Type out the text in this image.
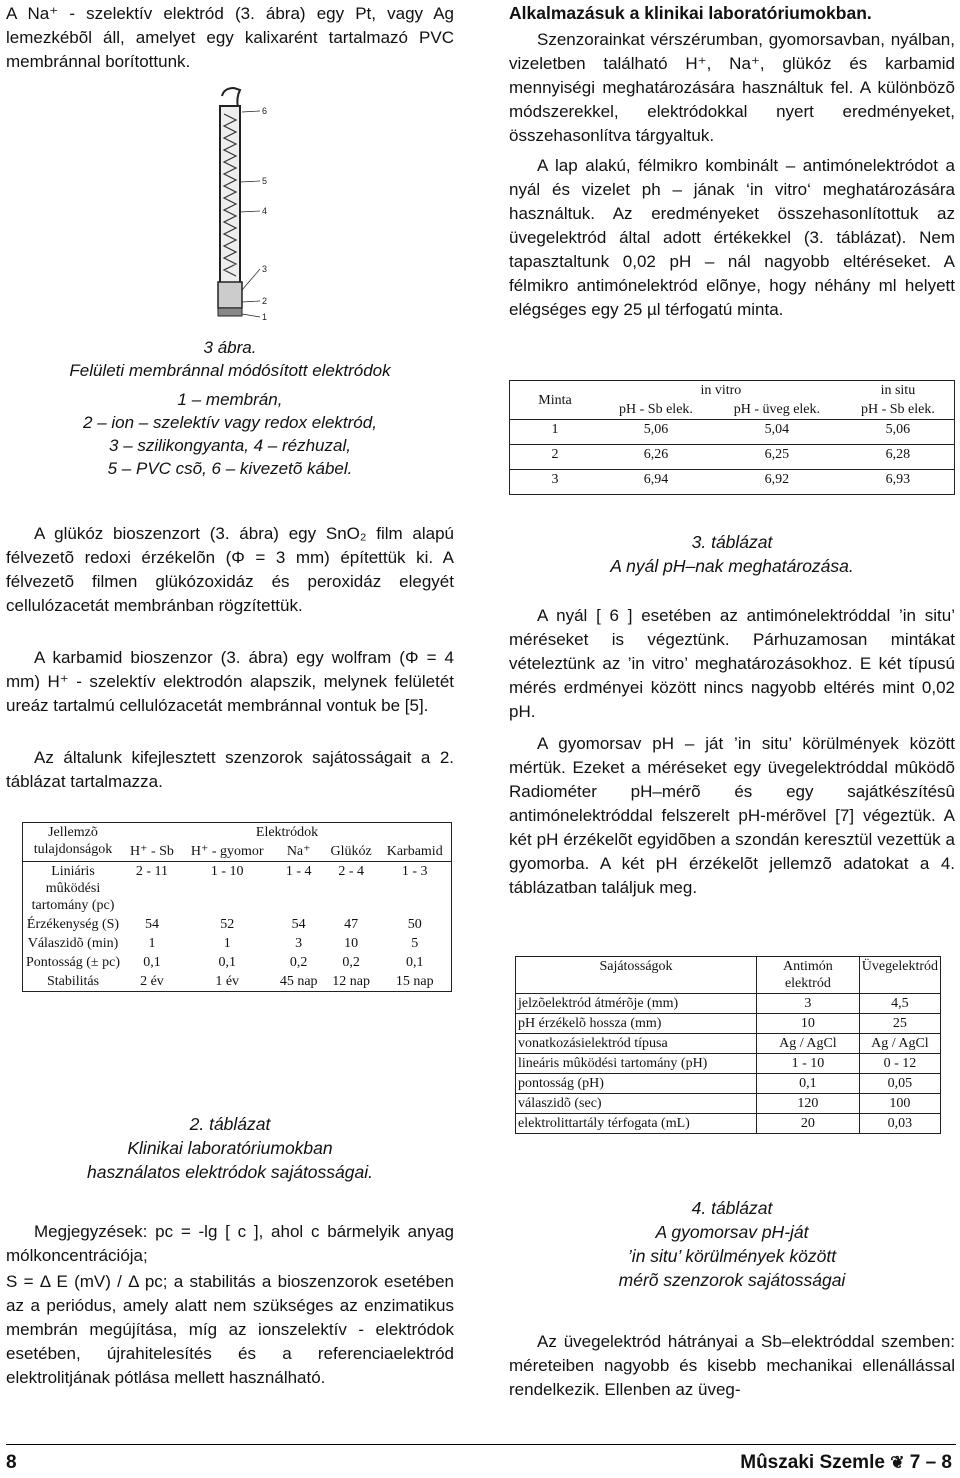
A Na⁺ - szelektív elektród (3. ábra) egy Pt, vagy Ag lemezkébõl áll, amelyet egy kalixarént tartalmazó PVC membránnal borítottunk.

6
5
4
3
2
1
3 ábra.
Felületi membránnal módósított elektródok
1 – membrán,
2 – ion – szelektív vagy redox elektród,
3 – szilikongyanta, 4 – rézhuzal,
5 – PVC csõ, 6 – kivezetõ kábel.

A glükóz bioszenzort (3. ábra) egy SnO₂ film alapú félvezetõ redoxi érzékelõn (Φ = 3 mm) építettük ki. A félvezetõ filmen glükózoxidáz és peroxidáz elegyét cellulózacetát membránban rögzítettük.

A karbamid bioszenzor (3. ábra) egy wolfram (Φ = 4 mm) H⁺ - szelektív elektrodón alapszik, melynek felületét ureáz tartalmú cellulózacetát membránnal vontuk be [5].

Az általunk kifejlesztett szenzorok sajátosságait a 2. táblázat tartalmazza.

Jellemzõ tulajdonságok	Elektródok				
	H⁺ - Sb	H⁺ - gyomor	Na⁺	Glükóz	Karbamid
Liniáris mûködési tartomány (pc)	2 - 11	1 - 10	1 - 4	2 - 4	1 - 3
Érzékenység (S)	54	52	54	47	50
Válaszidõ (min)	1	1	3	10	5
Pontosság (± pc)	0,1	0,1	0,2	0,2	0,1
Stabilitás	2 év	1 év	45 nap	12 nap	15 nap
2. táblázat
Klinikai laboratóriumokban
használatos elektródok sajátosságai.

Megjegyzések: pc = -lg [ c ], ahol c bármelyik anyag mólkoncentrációja;

S = Δ E (mV) / Δ pc; a stabilitás a bioszenzorok esetében az a periódus, amely alatt nem szükséges az enzimatikus membrán megújítása, míg az ionszelektív - elektródok esetében, újrahitelesítés és a referenciaelektród elektrolitjának pótlása mellett használható.

Alkalmazásuk a klinikai laboratóriumokban.

Szenzorainkat vérszérumban, gyomorsavban, nyálban, vizeletben található H⁺, Na⁺, glükóz és karbamid mennyiségi meghatározására használtuk fel. A különbözõ módszerekkel, elektródokkal nyert eredményeket, összehasonlítva tárgyaltuk.

A lap alakú, félmikro kombinált – antimónelektródot a nyál és vizelet ph – jának ‘in vitro‘ meghatározására használtuk. Az eredményeket összehasonlítottuk az üvegelektród által adott értékekkel (3. táblázat). Nem tapasztaltunk 0,02 pH – nál nagyobb eltéréseket. A félmikro antimónelektród elõnye, hogy néhány ml helyett elégséges egy 25 µl térfogatú minta.

Minta	in vitro		in situ
	pH - Sb elek.	pH - üveg elek.	pH - Sb elek.
1	5,06	5,04	5,06
2	6,26	6,25	6,28
3	6,94	6,92	6,93
3. táblázat
A nyál pH–nak meghatározása.

A nyál [ 6 ] esetében az antimónelektróddal ’in situ’ méréseket is végeztünk. Párhuzamosan mintákat vételeztünk az ’in vitro’ meghatározásokhoz. E két típusú mérés erdményei között nincs nagyobb eltérés mint 0,02 pH.

A gyomorsav pH – ját ’in situ’ körülmények között mértük. Ezeket a méréseket egy üvegelektróddal mûködõ Radiométer pH–mérõ és egy sajátkészítésû antimónelektróddal felszerelt pH-mérõvel [7] végeztük. A két pH érzékelõt egyidõben a szondán keresztül vezettük a gyomorba. A két pH érzékelõt jellemzõ adatokat a 4. táblázatban találjuk meg.

Sajátosságok	Antimón elektród	Üvegelektród
jelzõelektród átmérõje (mm)	3	4,5
pH érzékelõ hossza (mm)	10	25
vonatkozásielektród típusa	Ag / AgCl	Ag / AgCl
lineáris mûködési tartomány (pH)	1 - 10	0 - 12
pontosság (pH)	0,1	0,05
válaszidõ (sec)	120	100
elektrolittartály térfogata (mL)	20	0,03
4. táblázat
A gyomorsav pH-ját
’in situ’ körülmények között
mérõ szenzorok sajátosságai

Az üvegelektród hátrányai a Sb–elektróddal szemben: méreteiben nagyobb és kisebb mechanikai ellenállással rendelkezik. Ellenben az üveg-

8	Mûszaki Szemle ❦ 7 – 8
